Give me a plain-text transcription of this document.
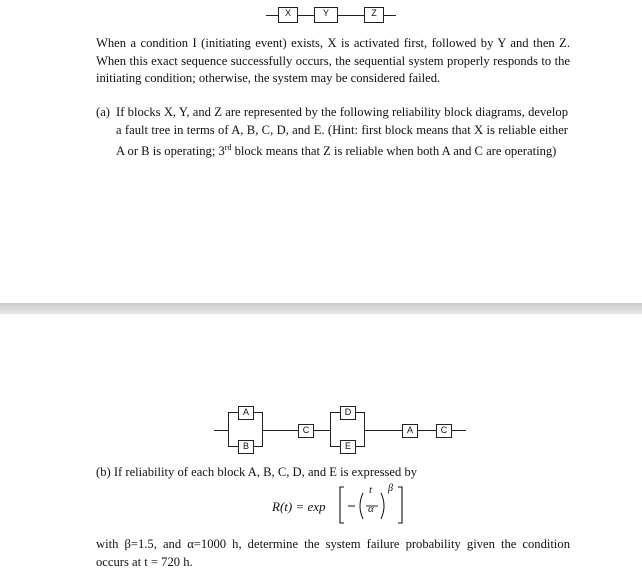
X	Y	Z
When a condition I (initiating event) exists, X is activated first, followed by Y and then Z. When this exact sequence successfully occurs, the sequential system properly responds to the initiating condition; otherwise, the system may be considered failed.
(a) If blocks X, Y, and Z are represented by the following reliability block diagrams, develop a fault tree in terms of A, B, C, D, and E. (Hint: first block means that X is reliable either A or B is operating; 3rd block means that Z is reliable when both A and C are operating)
A
B
C
D
E
A	C
(b) If reliability of each block A, B, C, D, and E is expressed by
R(t) = exp
t
α
β
with β=1.5, and α=1000 h, determine the system failure probability given the condition occurs at t = 720 h.
